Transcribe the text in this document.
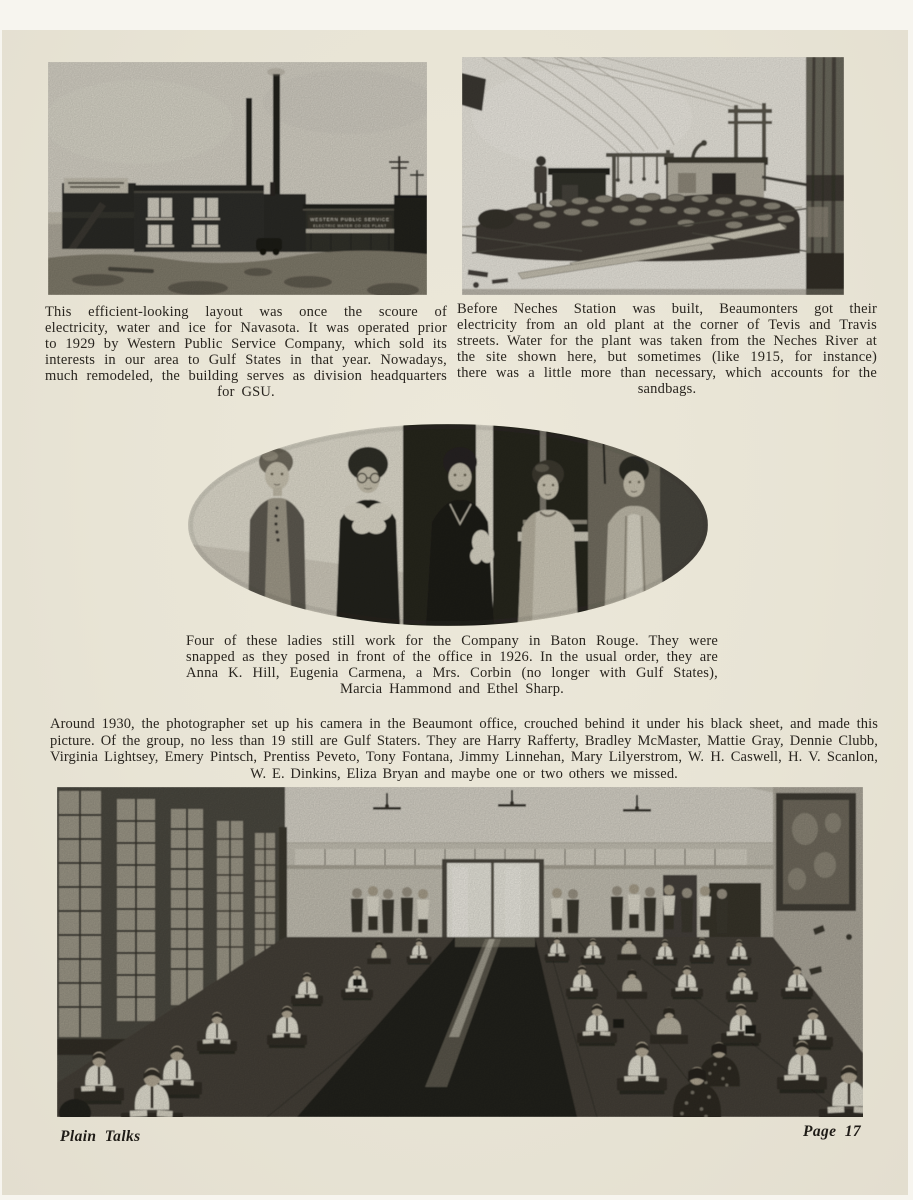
WESTERN PUBLIC SERVICE
ELECTRIC WATER CO ICE PLANT

This efficient-looking layout was once the scoure of electricity, water and ice for Navasota. It was operated prior to 1929 by Western Public Service Company, which sold its interests in our area to Gulf States in that year. Nowadays, much remodeled, the building serves as division headquarters for GSU.

Before Neches Station was built, Beaumonters got their electricity from an old plant at the corner of Tevis and Travis streets. Water for the plant was taken from the Neches River at the site shown here, but sometimes (like 1915, for instance) there was a little more than necessary, which accounts for the sandbags.

Four of these ladies still work for the Company in Baton Rouge. They were snapped as they posed in front of the office in 1926. In the usual order, they are Anna K. Hill, Eugenia Carmena, a Mrs. Corbin (no longer with Gulf States), Marcia Hammond and Ethel Sharp.

Around 1930, the photographer set up his camera in the Beaumont office, crouched behind it under his black sheet, and made this picture. Of the group, no less than 19 still are Gulf Staters. They are Harry Rafferty, Bradley McMaster, Mattie Gray, Dennie Clubb, Virginia Lightsey, Emery Pintsch, Prentiss Peveto, Tony Fontana, Jimmy Linnehan, Mary Lilyerstrom, W. H. Caswell, H. V. Scanlon, W. E. Dinkins, Eliza Bryan and maybe one or two others we missed.

Plain Talks	Page 17
